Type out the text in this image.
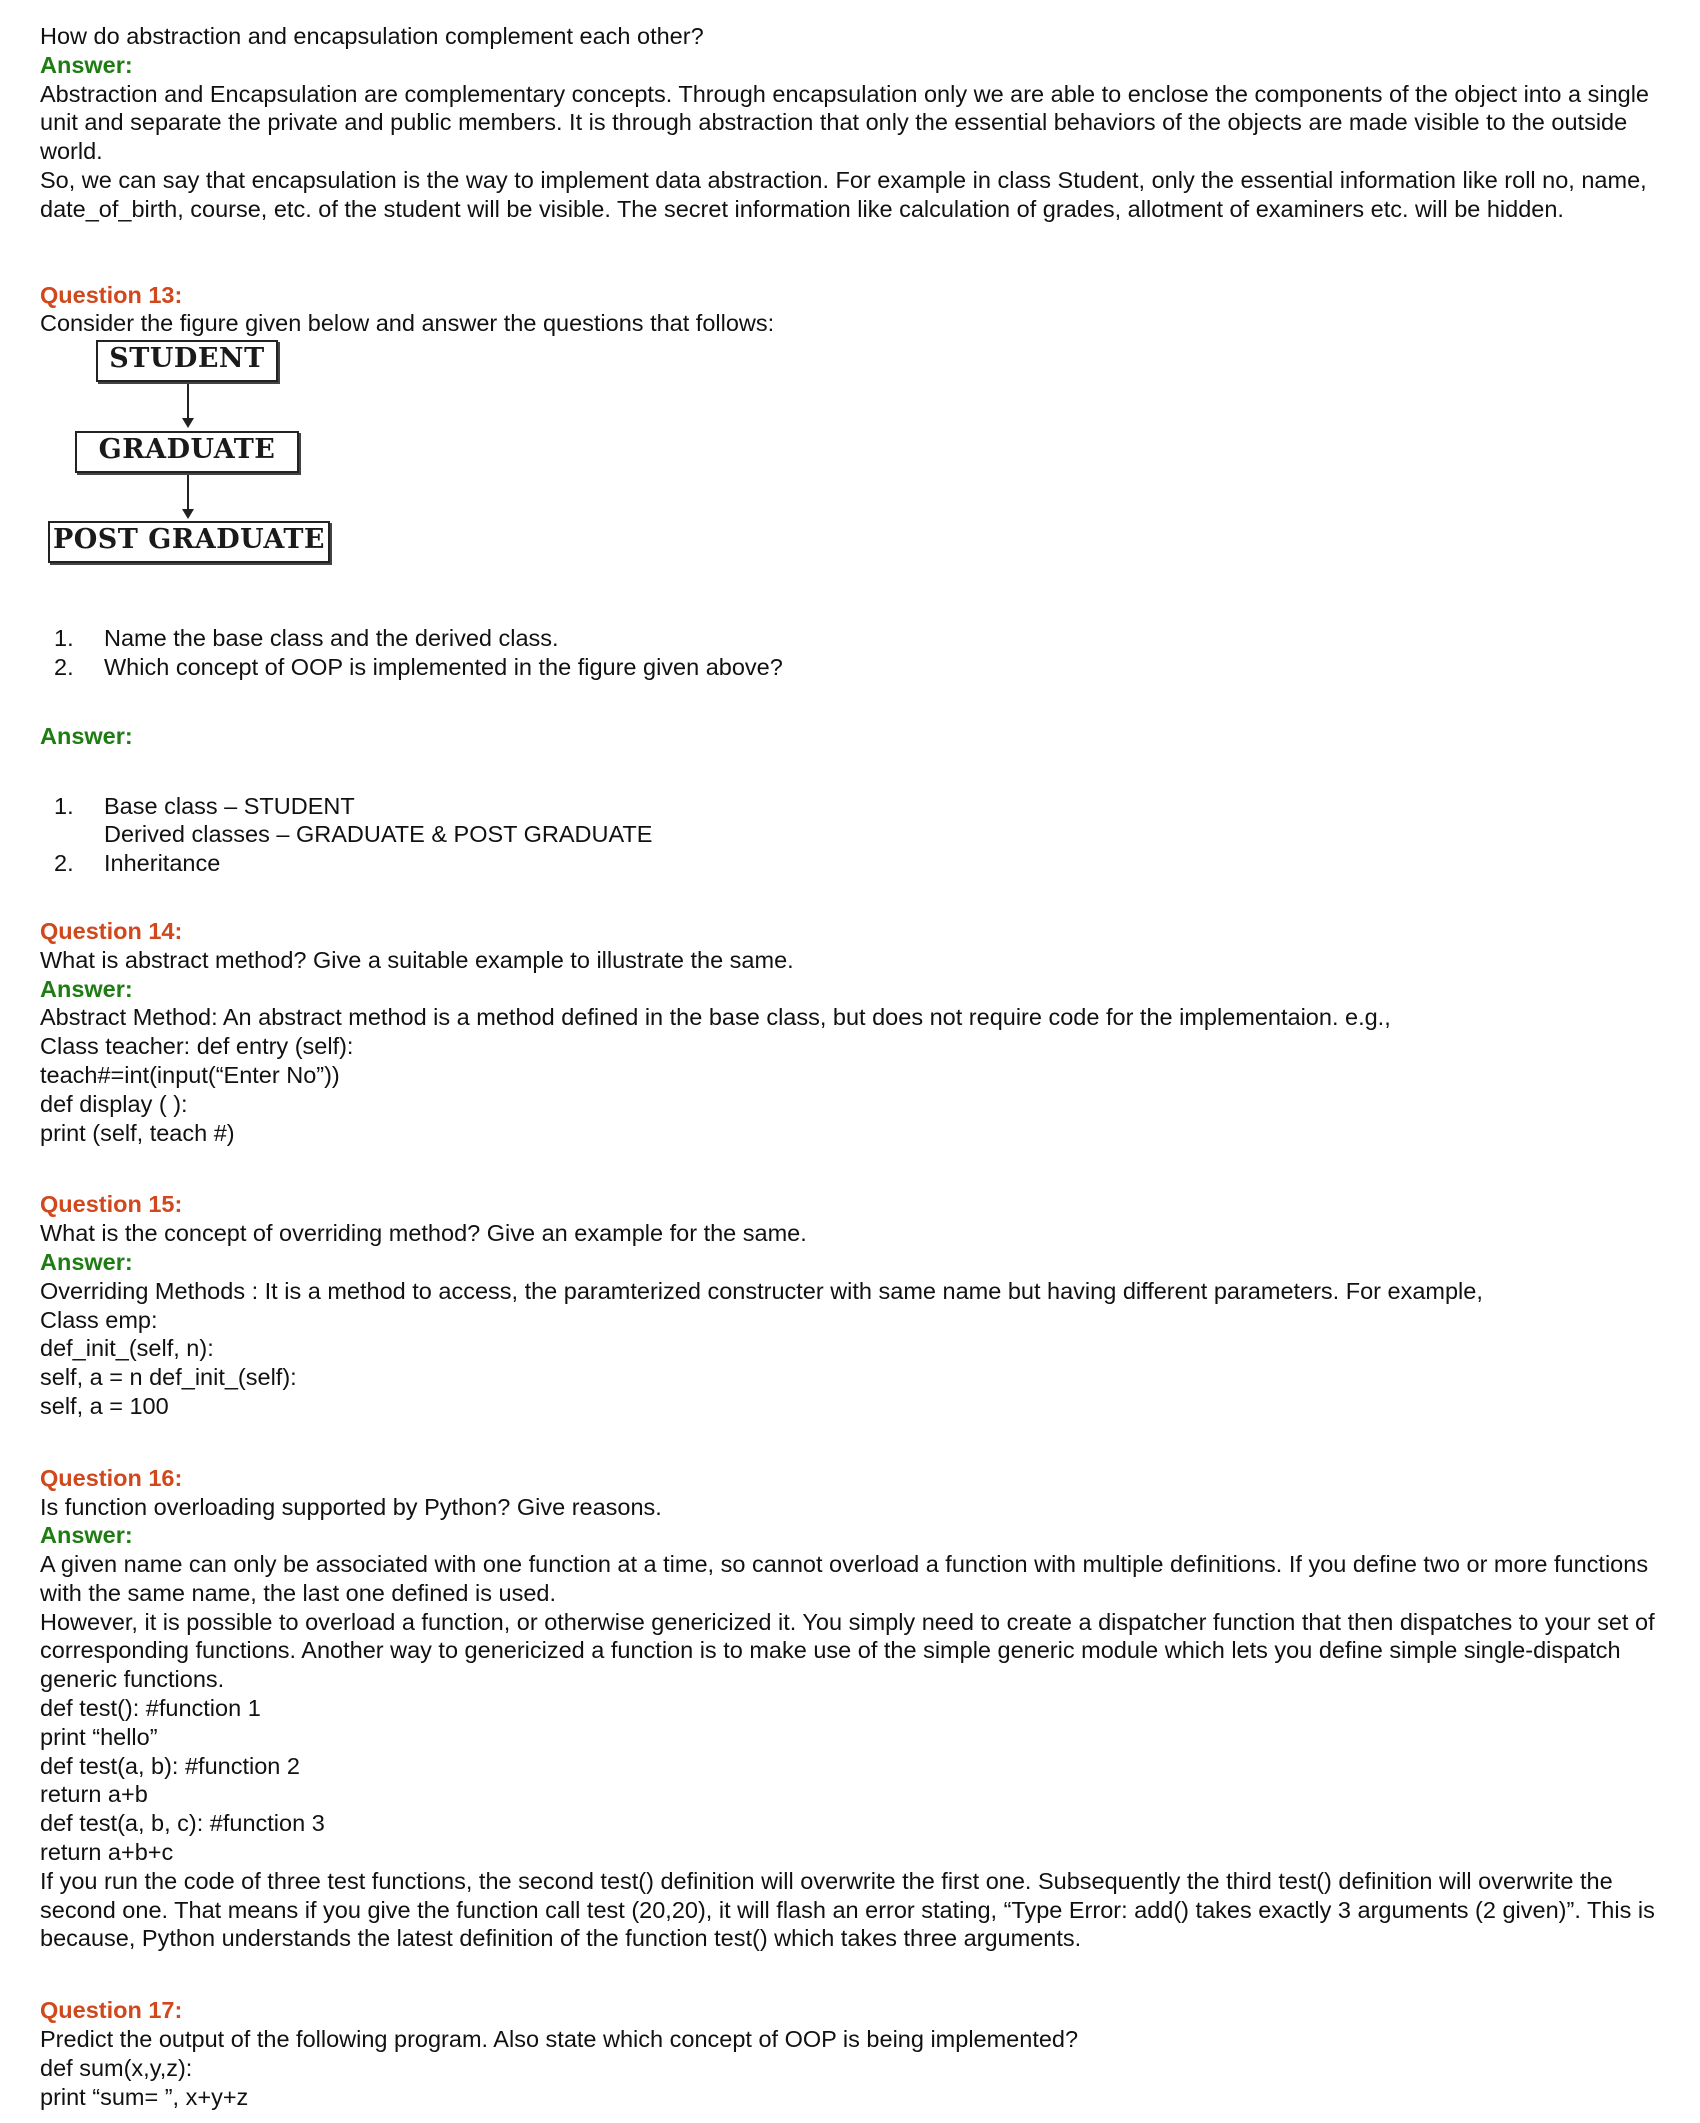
How do abstraction and encapsulation complement each other?

Answer:

Abstraction and Encapsulation are complementary concepts. Through encapsulation only we are able to enclose the components of the object into a single unit and separate the private and public members. It is through abstraction that only the essential behaviors of the objects are made visible to the outside world.

So, we can say that encapsulation is the way to implement data abstraction. For example in class Student, only the essential information like roll no, name, date_of_birth, course, etc. of the student will be visible. The secret information like calculation of grades, allotment of examiners etc. will be hidden.

Question 13:

Consider the figure given below and answer the questions that follows:

STUDENT
GRADUATE
POST GRADUATE
1. Name the base class and the derived class.
2. Which concept of OOP is implemented in the figure given above?

Answer:

1. Base class – STUDENT
Derived classes – GRADUATE & POST GRADUATE
2. Inheritance

Question 14:

What is abstract method? Give a suitable example to illustrate the same.

Answer:

Abstract Method: An abstract method is a method defined in the base class, but does not require code for the implementaion. e.g.,

Class teacher: def entry (self):

teach#=int(input(“Enter No”))

def display ( ):

print (self, teach #)

Question 15:

What is the concept of overriding method? Give an example for the same.

Answer:

Overriding Methods : It is a method to access, the paramterized constructer with same name but having different parameters. For example,

Class emp:

def_init_(self, n):

self, a = n def_init_(self):

self, a = 100

Question 16:

Is function overloading supported by Python? Give reasons.

Answer:

A given name can only be associated with one function at a time, so cannot overload a function with multiple definitions. If you define two or more functions with the same name, the last one defined is used.

However, it is possible to overload a function, or otherwise genericized it. You simply need to create a dispatcher function that then dispatches to your set of corresponding functions. Another way to genericized a function is to make use of the simple generic module which lets you define simple single-dispatch generic functions.

def test(): #function 1

print “hello”

def test(a, b): #function 2

return a+b

def test(a, b, c): #function 3

return a+b+c

If you run the code of three test functions, the second test() definition will overwrite the first one. Subsequently the third test() definition will overwrite the second one. That means if you give the function call test (20,20), it will flash an error stating, “Type Error: add() takes exactly 3 arguments (2 given)”. This is because, Python understands the latest definition of the function test() which takes three arguments.

Question 17:

Predict the output of the following program. Also state which concept of OOP is being implemented?

def sum(x,y,z):

print “sum= ”, x+y+z
